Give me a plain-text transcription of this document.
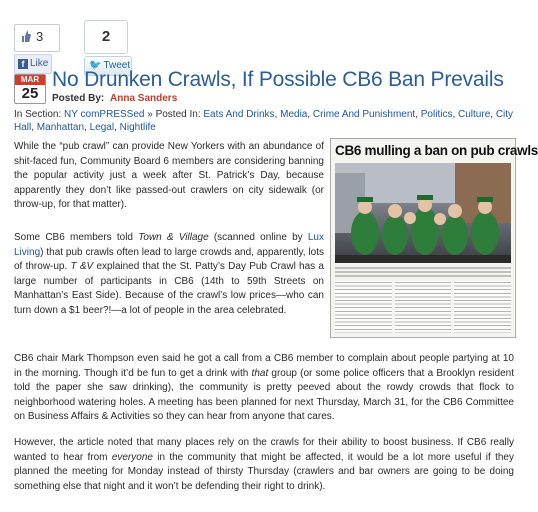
3
f Like
2
🐦 Tweet
MAR
25
No Drunken Crawls, If Possible CB6 Ban Prevails
Posted By: Anna Sanders
In Section: NY comPRESSed » Posted In: Eats And Drinks, Media, Crime And Punishment, Politics, Culture, City Hall, Manhattan, Legal, Nightlife
While the “pub crawl” can provide New Yorkers with an abundance of shit-faced fun, Community Board 6 members are considering banning the popular activity just a week after St. Patrick’s Day, because apparently they don’t like passed-out crawlers on city sidewalk (or throw-up, for that matter).
Some CB6 members told Town & Village (scanned online by Lux Living) that pub crawls often lead to large crowds and, apparently, lots of throw-up. T &V explained that the St. Patty’s Day Pub Crawl has a large number of participants in CB6 (14th to 59th Streets on Manhattan’s East Side). Because of the crawl’s low prices—who can turn down a $1 beer?!—a lot of people in the area celebrated.
CB6 mulling a ban on pub crawls
CB6 chair Mark Thompson even said he got a call from a CB6 member to complain about people partying at 10 in the morning. Though it’d be fun to get a drink with that group (or some police officers that a Brooklyn resident told the paper she saw drinking), the community is pretty peeved about the rowdy crowds that flock to neighborhood watering holes. A meeting has been planned for next Thursday, March 31, for the CB6 Committee on Business Affairs & Activities so they can hear from anyone that cares.
However, the article noted that many places rely on the crawls for their ability to boost business. If CB6 really wanted to hear from everyone in the community that might be affected, it would be a lot more useful if they planned the meeting for Monday instead of thirsty Thursday (crawlers and bar owners are going to be doing something else that night and it won’t be defending their right to drink).
